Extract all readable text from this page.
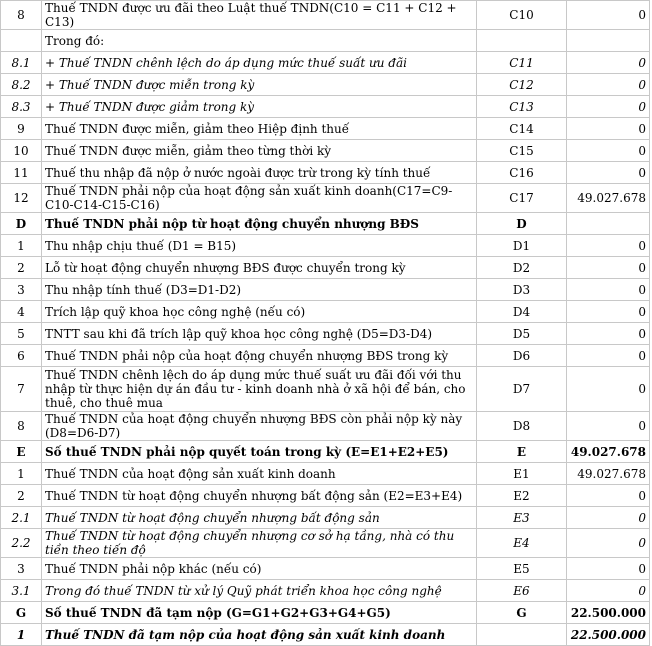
8	Thuế TNDN được ưu đãi theo Luật thuế TNDN(C10 = C11 + C12 + C13)	C10	0
	Trong đó:		
8.1	+ Thuế TNDN chênh lệch do áp dụng mức thuế suất ưu đãi	C11	0
8.2	+ Thuế TNDN được miễn trong kỳ	C12	0
8.3	+ Thuế TNDN được giảm trong kỳ	C13	0
9	Thuế TNDN được miễn, giảm theo Hiệp định thuế	C14	0
10	Thuế TNDN được miễn, giảm theo từng thời kỳ	C15	0
11	Thuế thu nhập đã nộp ở nước ngoài được trừ trong kỳ tính thuế	C16	0
12	Thuế TNDN phải nộp của hoạt động sản xuất kinh doanh(C17=C9-C10-C14-C15-C16)	C17	49.027.678
D	Thuế TNDN phải nộp từ hoạt động chuyển nhượng BĐS	D	
1	Thu nhập chịu thuế (D1 = B15)	D1	0
2	Lỗ từ hoạt động chuyển nhượng BĐS được chuyển trong kỳ	D2	0
3	Thu nhập tính thuế (D3=D1-D2)	D3	0
4	Trích lập quỹ khoa học công nghệ (nếu có)	D4	0
5	TNTT sau khi đã trích lập quỹ khoa học công nghệ (D5=D3-D4)	D5	0
6	Thuế TNDN phải nộp của hoạt động chuyển nhượng BĐS trong kỳ	D6	0
7	Thuế TNDN chênh lệch do áp dụng mức thuế suất ưu đãi đối với thu nhập từ thực hiện dự án đầu tư - kinh doanh nhà ở xã hội để bán, cho thuê, cho thuê mua	D7	0
8	Thuế TNDN của hoạt động chuyển nhượng BĐS còn phải nộp kỳ này (D8=D6-D7)	D8	0
E	Số thuế TNDN phải nộp quyết toán trong kỳ (E=E1+E2+E5)	E	49.027.678
1	Thuế TNDN của hoạt động sản xuất kinh doanh	E1	49.027.678
2	Thuế TNDN từ hoạt động chuyển nhượng bất động sản (E2=E3+E4)	E2	0
2.1	Thuế TNDN từ hoạt động chuyển nhượng bất động sản	E3	0
2.2	Thuế TNDN từ hoạt động chuyển nhượng cơ sở hạ tầng, nhà có thu tiền theo tiến độ	E4	0
3	Thuế TNDN phải nộp khác (nếu có)	E5	0
3.1	Trong đó thuế TNDN từ xử lý Quỹ phát triển khoa học công nghệ	E6	0
G	Số thuế TNDN đã tạm nộp (G=G1+G2+G3+G4+G5)	G	22.500.000
1	Thuế TNDN đã tạm nộp của hoạt động sản xuất kinh doanh		22.500.000
